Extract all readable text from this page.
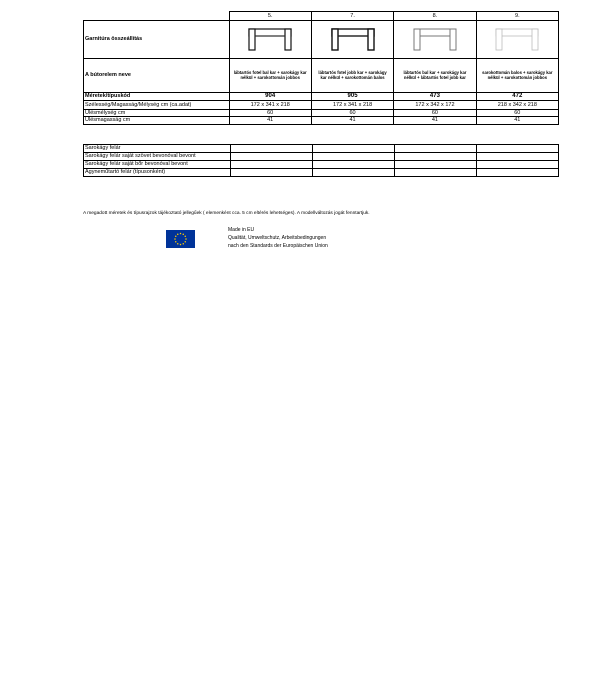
	5.	7.	8.	9.
Garnitúra összeállítás	

A bútorelem neve	lábtartós fotel bal kar + sarokágy kar nélkül + sarokottomán jobbos	lábtartós fotel jobb kar + sarokágy kar nélkül + sarokottomán balos	lábtartós bal kar + sarokágy kar nélkül + lábtartós fotel jobb kar	sarokottomán balos + sarokágy kar nélkül + sarokottomán jobbos
Méretek/típuskód	904	905	473	472
Szélesség/Magasság/Mélység cm (ca.adat)	172 x 341 x 218	172 x 341 x 218	172 x 342 x 172	218 x 342 x 218
Ülésmélység cm	60	60	60	60
Ülésmagasság cm	41	41	41	41
Sarokágy felár				
Sarokágy felár saját szövet bevonóval bevont				
Sarokágy felár saját bőr bevonóval bevont				
Ágyneműtartó felár (típusonként)				
A megadott méretek és típusrajzok tájékoztató jellegűek ( elemenként cca. 5 cm eltérés lehetséges). A modellváltozás jogát fenntartjuk.
Made in EU
Qualität, Umweltschutz, Arbeitsbedingungen
nach den Standards der Europäischen Union
